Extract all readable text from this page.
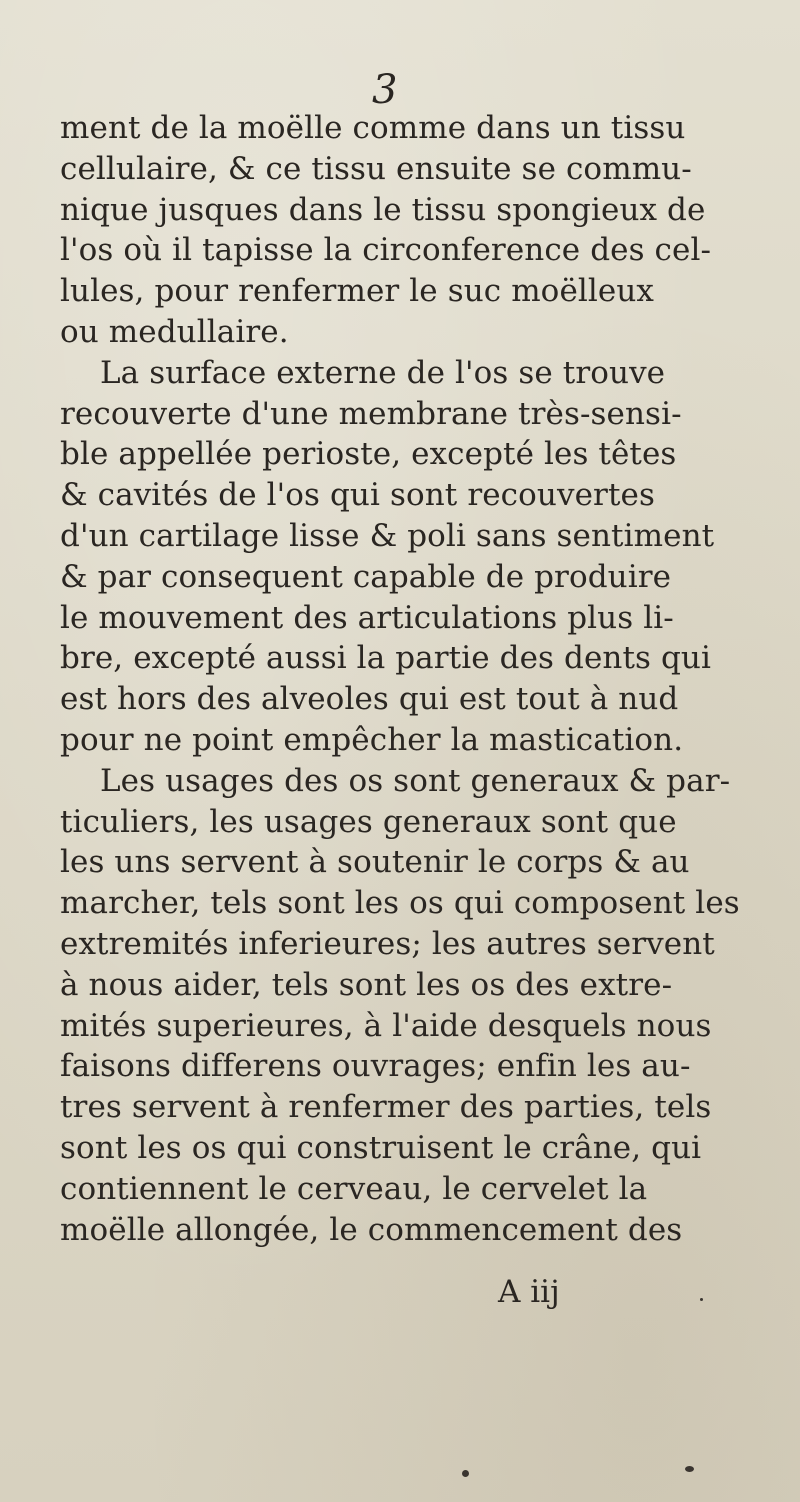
3
ment de la moëlle comme dans un tissu
cellulaire, & ce tissu ensuite se commu-
nique jusques dans le tissu spongieux de
l'os où il tapisse la circonference des cel-
lules, pour renfermer le suc moëlleux
ou medullaire.
La surface externe de l'os se trouve
recouverte d'une membrane très-sensi-
ble appellée perioste, excepté les têtes
& cavités de l'os qui sont recouvertes
d'un cartilage lisse & poli sans sentiment
& par consequent capable de produire
le mouvement des articulations plus li-
bre, excepté aussi la partie des dents qui
est hors des alveoles qui est tout à nud
pour ne point empêcher la mastication.
Les usages des os sont generaux & par-
ticuliers, les usages generaux sont que
les uns servent à soutenir le corps & au
marcher, tels sont les os qui composent les
extremités inferieures; les autres servent
à nous aider, tels sont les os des extre-
mités superieures, à l'aide desquels nous
faisons differens ouvrages; enfin les au-
tres servent à renfermer des parties, tels
sont les os qui construisent le crâne, qui
contiennent le cerveau, le cervelet la
moëlle allongée, le commencement des
A iij
